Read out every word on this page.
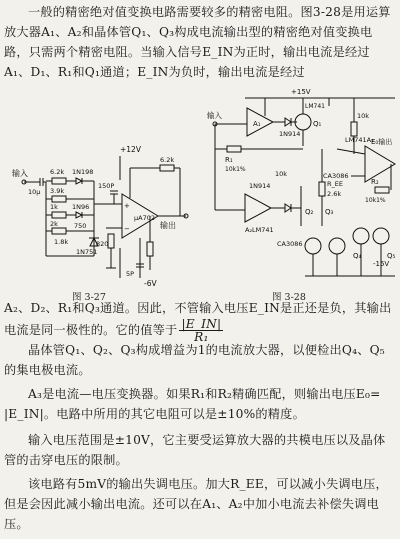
一般的精密绝对值变换电路需要较多的精密电阻。图3-28是用运算放大器A₁、A₂和晶体管Q₁、Q₃构成电流输出型的精密绝对值变换电路，只需两个精密电阻。当输入信号E_IN为正时，输出电流是经过A₁、D₁、R₁和Q₁通道；E_IN为负时，输出电流是经过
输入
输出
+12V
-6V
10μ
6.2k 1N198
3.9k
1k
2k
1N96
750
1.8k
1N751
6.2k
150P
820
5P
μA702
+
−
图 3-27
输入
+15V
-15V
E₀输出
1N914
1N914
A₁
A₂LM741
LM741A₃
Q₁
Q₂ Q₃
Q₄	Q₅
R₁
10k1%
R₂
10k1%
R_EE
2.6k
10k
10k	CA3086
CA3086
LM741
图 3-28
A₂、D₂、R₁和Q₃通道。因此，不管输入电压E_IN是正还是负，其输出电流是同一极性的。它的值等于 $\frac{|E\_IN|}{\text{R₁}}$
晶体管Q₁、Q₂、Q₃构成增益为1的电流放大器，以便检出Q₄、Q₅的集电极电流。
A₃是电流—电压变换器。如果R₁和R₂精确匹配，则输出电压E₀= |E_IN|。电路中所用的其它电阻可以是±10%的精度。
输入电压范围是±10V，它主要受运算放大器的共模电压以及晶体管的击穿电压的限制。
该电路有5mV的输出失调电压。加大R_EE，可以减小失调电压，但是会因此减小输出电流。还可以在A₁、A₂中加小电流去补偿失调电压。
